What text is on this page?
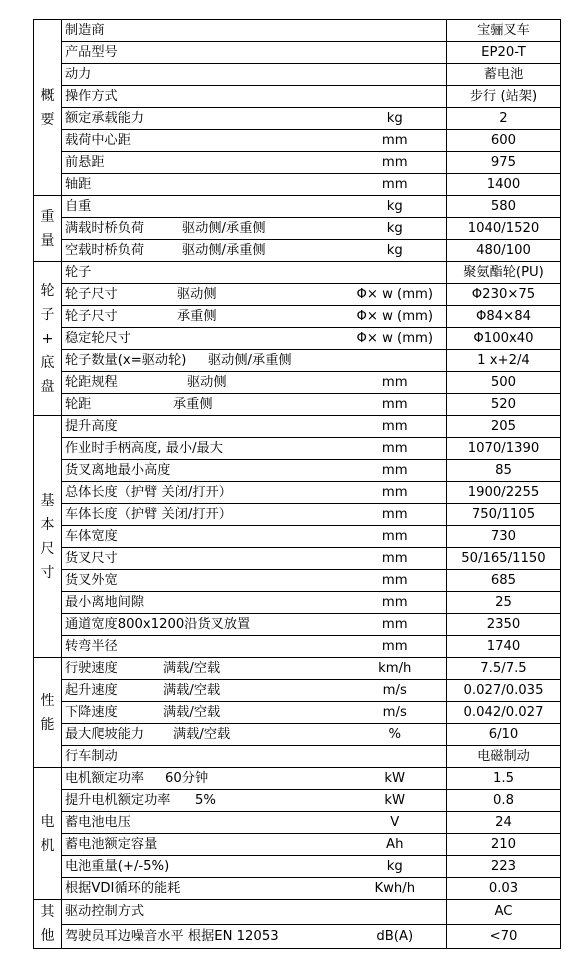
概
要	制造商		宝骊叉车
	产品型号		EP20-T
	动力		蓄电池
	操作方式		步行 (站架)
	额定承载能力	kg	2
	载荷中心距	mm	600
	前悬距	mm	975
	轴距	mm	1400

重
量	自重	kg	580
	满载时桥负荷 驱动侧/承重侧	kg	1040/1520
	空载时桥负荷 驱动侧/承重侧	kg	480/100

轮
子
+
底
盘	轮子		聚氨酯轮(PU)
	轮子尺寸 驱动侧	Φ× w (mm)	Φ230×75
	轮子尺寸 承重侧	Φ× w (mm)	Φ84×84
	稳定轮尺寸	Φ× w (mm)	Φ100x40
	轮子数量(x=驱动轮) 驱动侧/承重侧		1 x+2/4
	轮距规程 驱动侧	mm	500
	轮距 承重侧	mm	520

基
本
尺
寸	提升高度	mm	205
	作业时手柄高度, 最小/最大	mm	1070/1390
	货叉离地最小高度	mm	85
	总体长度（护臂 关闭/打开）	mm	1900/2255
	车体长度（护臂 关闭/打开）	mm	750/1105
	车体宽度	mm	730
	货叉尺寸	mm	50/165/1150
	货叉外宽	mm	685
	最小离地间隙	mm	25
	通道宽度800x1200沿货叉放置	mm	2350
	转弯半径	mm	1740

性
能	行驶速度 满载/空载	km/h	7.5/7.5
	起升速度 满载/空载	m/s	0.027/0.035
	下降速度 满载/空载	m/s	0.042/0.027
	最大爬坡能力 满载/空载	%	6/10
	行车制动		电磁制动

电
机	电机额定功率 60分钟	kW	1.5
	提升电机额定功率 5%	kW	0.8
	蓄电池电压	V	24
	蓄电池额定容量	Ah	210
	电池重量(+/-5%)	kg	223
	根据VDI循环的能耗	Kwh/h	0.03

其
他	驱动控制方式		AC
	驾驶员耳边噪音水平 根据EN 12053	dB(A)	<70
